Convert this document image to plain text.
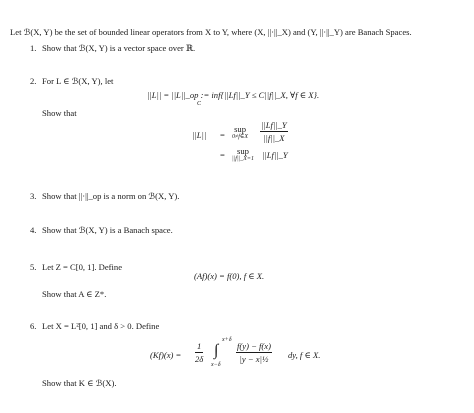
Let ℬ(X, Y) be the set of bounded linear operators from X to Y, where (X, ||·||_X) and (Y, ||·||_Y) are Banach Spaces.
1. Show that ℬ(X, Y) is a vector space over ℝ.
2. For L ∈ ℬ(X, Y), let
||L|| = ||L||_op := inf{||Lf||_Y ≤ C||f||_X, ∀f ∈ X}.
C
Show that
||L|| =
sup
0≠f∈X $\frac{||Lf||\_Y}{||f||\_X}$
=	sup
||f||_X=1 ||Lf||_Y
3. Show that ||·||_op is a norm on ℬ(X, Y).
4. Show that ℬ(X, Y) is a Banach space.
5. Let Z = C[0, 1]. Define
(Af)(x) = f(0), f ∈ X.
Show that A ∈ Z*.
6. Let X = L²[0, 1] and δ > 0. Define
$(Kf)(x) = \frac{1}{2\delta}$ ∫
x+δ
x−δ
$\frac{f(y) - f(x)}{\text{|y − x|½}}$ dy, f ∈ X.
Show that K ∈ ℬ(X).
